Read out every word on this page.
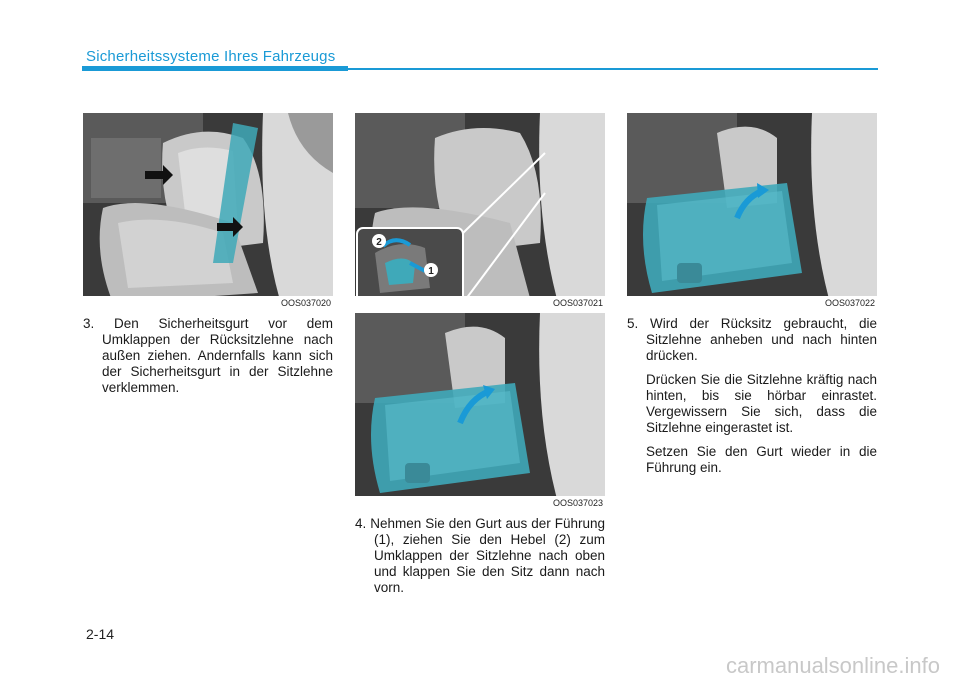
Sicherheitssysteme Ihres Fahrzeugs
OOS037020
2
1
OOS037021
OOS037023
OOS037022

3. Den Sicherheitsgurt vor dem Umklappen der Rücksitzlehne nach außen ziehen. Andernfalls kann sich der Sicherheitsgurt in der Sitzlehne verklemmen.

4. Nehmen Sie den Gurt aus der Führung (1), ziehen Sie den Hebel (2) zum Umklappen der Sitzlehne nach oben und klappen Sie den Sitz dann nach vorn.

5. Wird der Rücksitz gebraucht, die Sitzlehne anheben und nach hinten drücken.

Drücken Sie die Sitzlehne kräftig nach hinten, bis sie hörbar einrastet. Vergewissern Sie sich, dass die Sitzlehne eingerastet ist.

Setzen Sie den Gurt wieder in die Führung ein.

2-14
carmanualsonline.info
